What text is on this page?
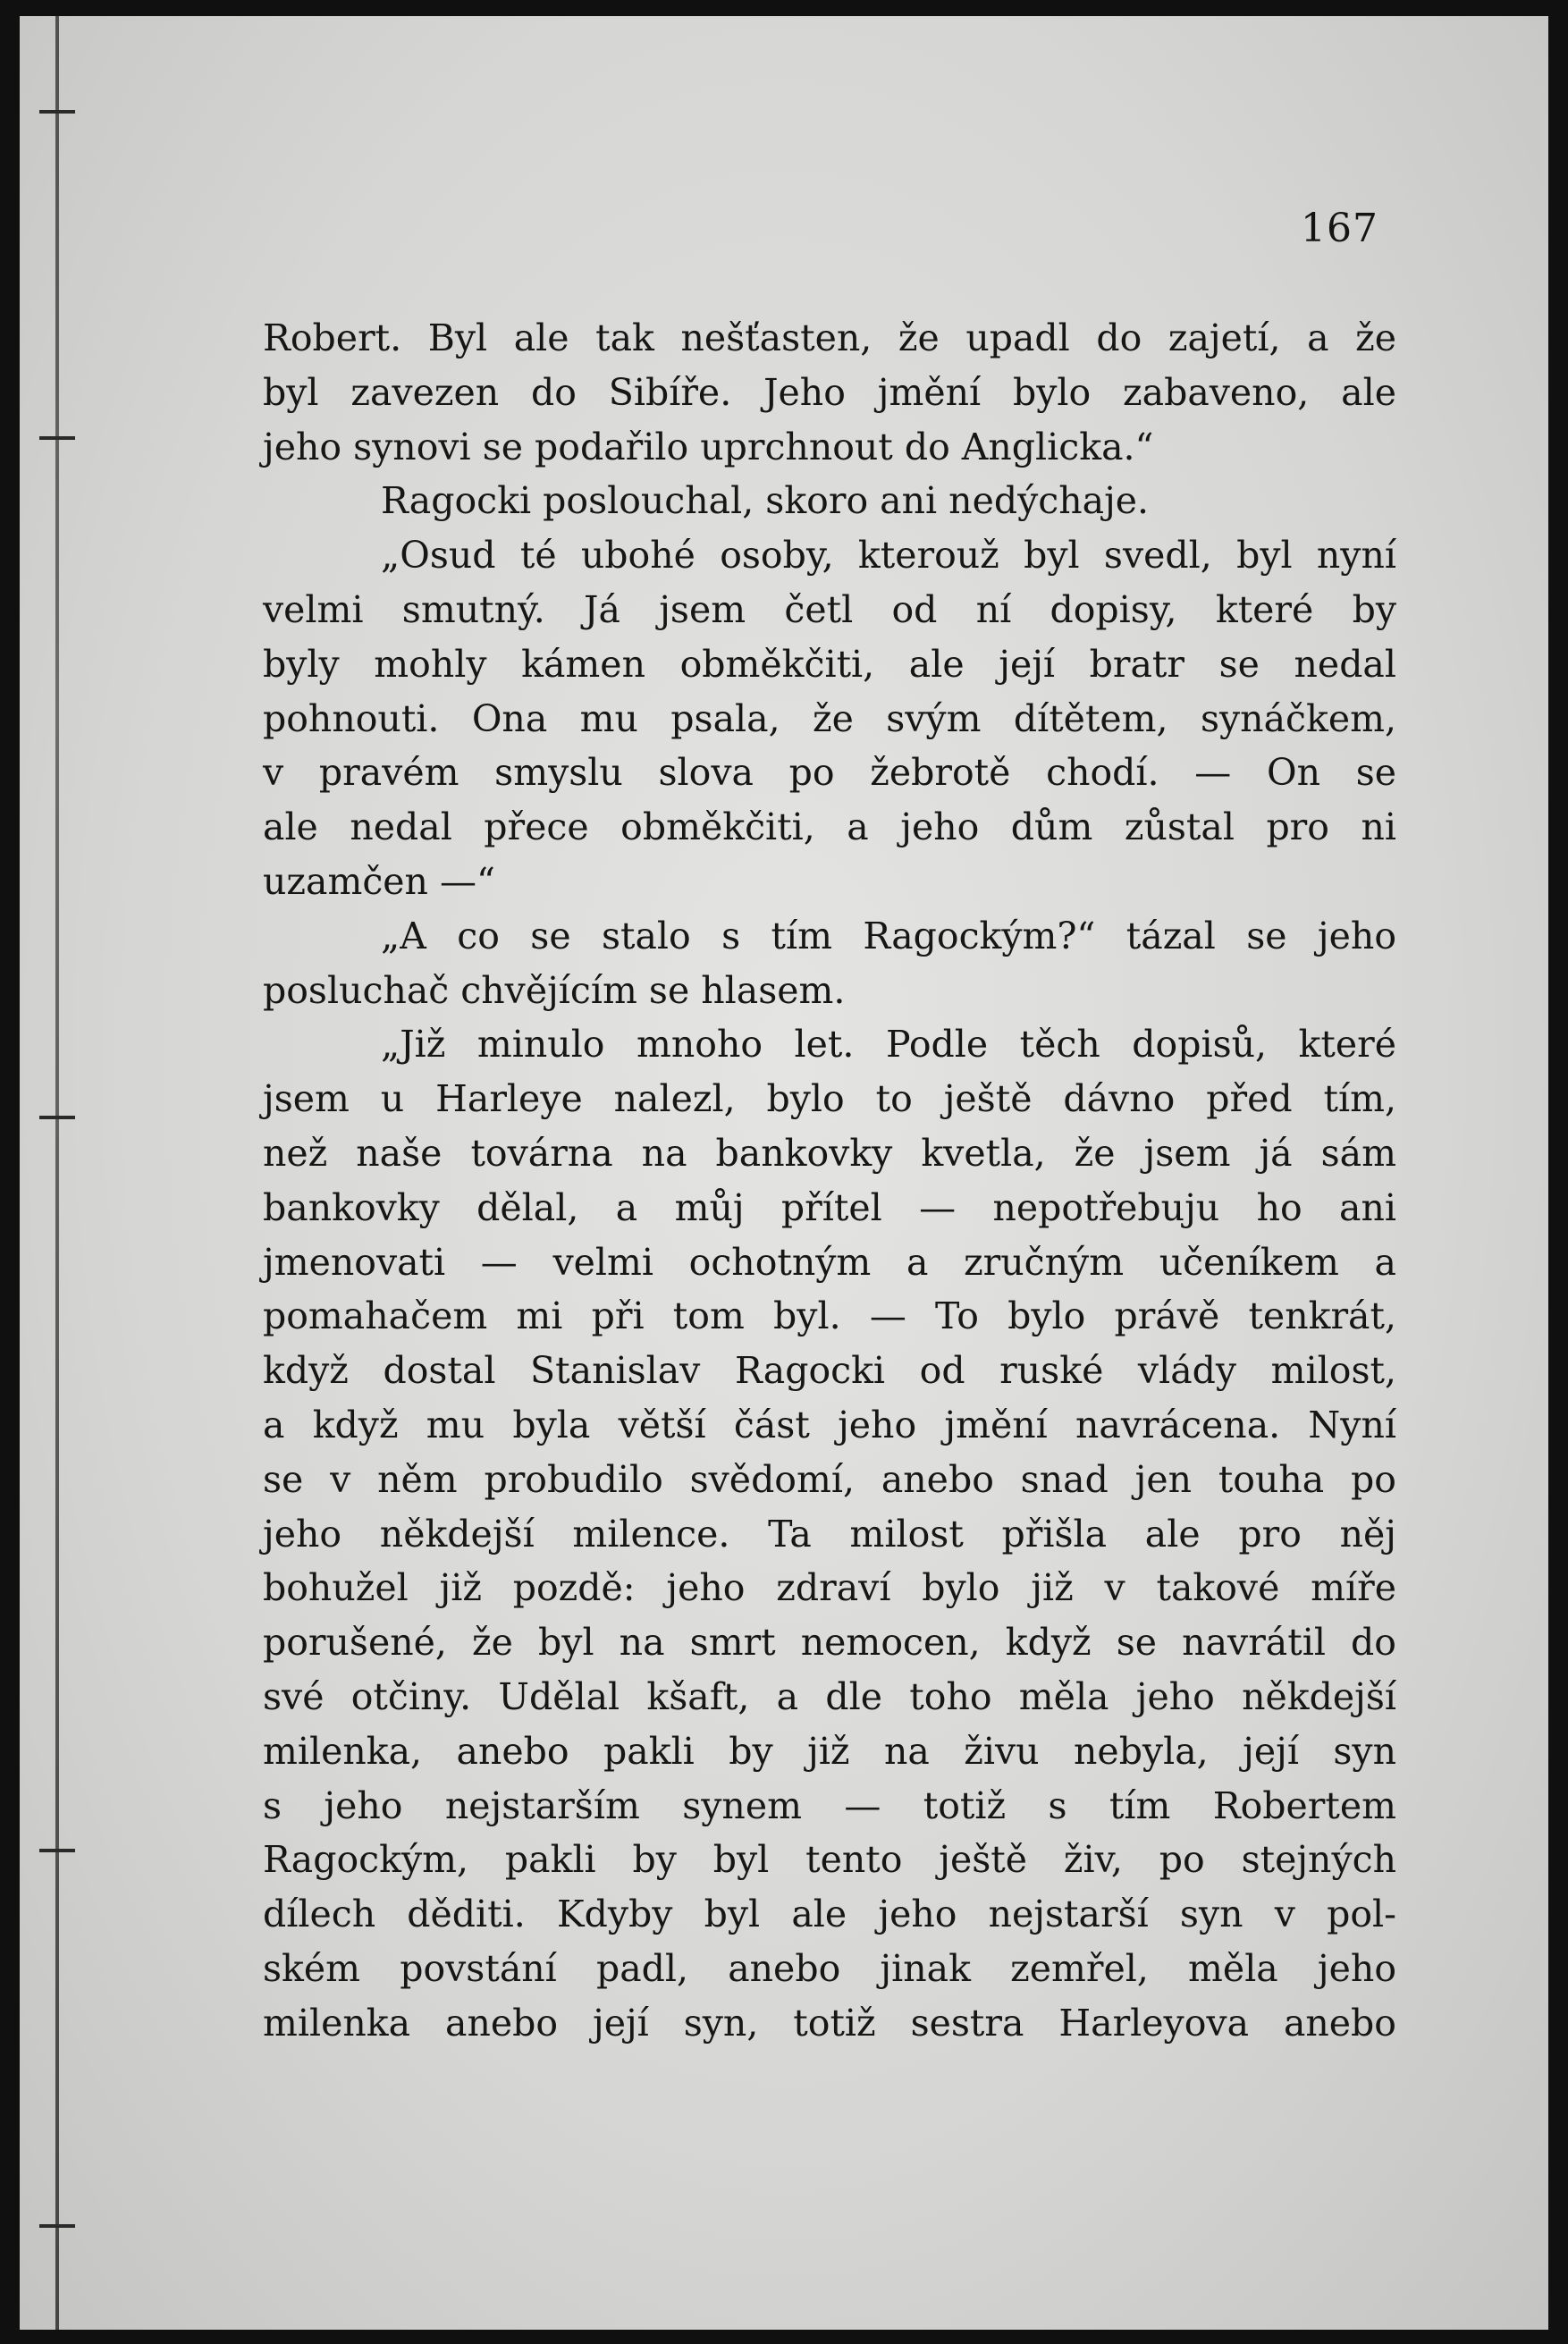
167
Robert. Byl ale tak nešťasten, že upadl do zajetí, a že
byl zavezen do Sibíře. Jeho jmění bylo zabaveno, ale
jeho synovi se podařilo uprchnout do Anglicka.“
Ragocki poslouchal, skoro ani nedýchaje.
„Osud té ubohé osoby, kterouž byl svedl, byl nyní
velmi smutný. Já jsem četl od ní dopisy, které by
byly mohly kámen obměkčiti, ale její bratr se nedal
pohnouti. Ona mu psala, že svým dítětem, synáčkem,
v pravém smyslu slova po žebrotě chodí. — On se
ale nedal přece obměkčiti, a jeho dům zůstal pro ni
uzamčen —“
„A co se stalo s tím Ragockým?“ tázal se jeho
posluchač chvějícím se hlasem.
„Již minulo mnoho let. Podle těch dopisů, které
jsem u Harleye nalezl, bylo to ještě dávno před tím,
než naše továrna na bankovky kvetla, že jsem já sám
bankovky dělal, a můj přítel — nepotřebuju ho ani
jmenovati — velmi ochotným a zručným učeníkem a
pomahačem mi při tom byl. — To bylo právě tenkrát,
když dostal Stanislav Ragocki od ruské vlády milost,
a když mu byla větší část jeho jmění navrácena. Nyní
se v něm probudilo svědomí, anebo snad jen touha po
jeho někdejší milence. Ta milost přišla ale pro něj
bohužel již pozdě: jeho zdraví bylo již v takové míře
porušené, že byl na smrt nemocen, když se navrátil do
své otčiny. Udělal kšaft, a dle toho měla jeho někdejší
milenka, anebo pakli by již na živu nebyla, její syn
s jeho nejstarším synem — totiž s tím Robertem
Ragockým, pakli by byl tento ještě živ, po stejných
dílech děditi. Kdyby byl ale jeho nejstarší syn v pol-
ském povstání padl, anebo jinak zemřel, měla jeho
milenka anebo její syn, totiž sestra Harleyova anebo
